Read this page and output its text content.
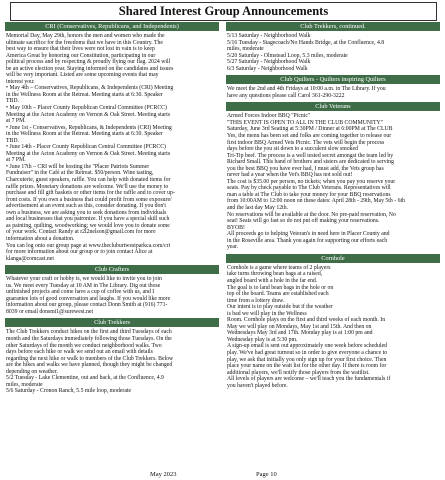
Shared Interest Group Announcements
CRI (Conservatives, Republicans, and Independents)

Memorial Day, May 29th, honors the men and women who made the

ultimate sacrifice for the freedoms that we have in this Country. The

best way to ensure that their lives were not lost in vain is to keep

America Great by honoring our Constitution, participating in our

political process and by respecting & proudly flying our flag. 2024 will

be an active election year. Staying informed on the candidates and issues

will be very important. Listed are some upcoming events that may

interest you:

• May 4th – Conservatives, Republicans, & Independents (CRI) Meeting

in the Wellness Room at the Retreat. Meeting starts at 6:30. Speaker

TBD.

• May 10th – Placer County Republican Central Committee (PCRCC)

Meeting at the Acton Academy on Vernon & Oak Street. Meeting starts

at 7 PM.

• June 1st - Conservatives, Republicans, & Independents (CRI) Meeting

in the Wellness Room at the Retreat. Meeting starts at 6:30. Speaker

TBD.

• June 14th - Placer County Republican Central Committee (PCRCC)

Meeting at the Acton Academy on Vernon & Oak Street. Meeting starts

at 7 PM.

• June 17th – CRI will be hosting the "Placer Patriots Summer

Fundraiser" in the Café at the Retreat. $50/person. Wine tasting,

Charcuterie, guest speakers, raffle. You can help with donated items for

raffle prizes. Monetary donations are welcome. We'll use the money to

purchase and fill gift baskets or other items for the raffle and to cover up-

front costs. If you own a business that could profit from some exposure/

advertisement at an event such as this, consider donating. If you don't

own a business, we are asking you to seek donations from individuals

and local businesses that you patronize. If you have a special skill such

as painting, quilting, woodworking; we would love you to donate some

of your work. Contact Randy at r2l2nelson@gmail.com for more

information about a donation.

You can log onto our group page at www.thecluburtwestparkca.com/cri

for more information about our group or to join contact Alice at

klanga@comcast.net

Club Crafters

Whatever your craft or hobby is, we would like to invite you to join

us. We meet every Tuesday at 10 AM in The Library. Dig out those

unfinished projects and come have a cup of coffee with us, and I

guarantee lots of good conversation and laughs. If you would like more

information about our group, please contact Donn Smith at (916) 771-

8039 or email donsmi1@surewest.net

Club Trekkers

The Club Trekkers conduct hikes on the first and third Tuesdays of each

month and the Saturdays immediately following those Tuesdays. On the

other Saturdays of the month we conduct neighborhood walks. Two

days before each hike or walk we send out an email with details

regarding the next hike or walk to members of the Club Trekkers. Below

are the hikes and walks we have planned, though they might be changed

depending on weather.

5/2 Tuesday - Lake Clementine, out and back, at the Confluence, 4.9

miles, moderate

5/6 Saturday - Cronon Ranch, 5.5 mile loop, moderate

Club Trekkers, continued.

5/13 Saturday - Neighborhood Walk

5/16 Tuesday - Stagecoach/No Hands Bridge, at the Confluence, 4.8

miles, moderate

5/20 Saturday - Olmstead Loop, 5.3 miles, moderate

5/27 Saturday - Neighborhood Walk

6/3 Saturday - Neighborhood Walk

Club Quilters - Quilters inspiring Quilters

We meet the 2nd and 4th Fridays at 10:00 a.m. in The Library. If you

have any questions please call Carol 361-290-3222

Club Veterans

Armed Forces Indoor BBQ "Picnic"

"THIS EVENT IS OPEN TO ALL IN THE CLUB COMMUNITY"

Saturday, June 3rd Seating at 5:30PM / Dinner at 6:00PM at The CLUB

Yes, the menu has been set and folks are coming together to release our

first indoor BBQ Armed Vets Picnic. The vets will begin the process

days before the you sit down to a succulent slow smoked

Tri-Tip beef. The process is a well tested secret amongst the team led by

Richard Small. This band of brothers and sisters are dedicated to serving

you the best BBQ you have ever had, I must add, the Vets group has

never had a year when the Vet's BBQ has not sold out!

The cost is $35.00 per person, no tickets; when you pay you reserve your

seats. Pay by check payable to The Club Veterans. Representatives will

man a table at The Club to take your money for your BBQ reservations

from 10:00AM to 12:00 noon on these dates: April 28th - 29th, May 5th - 6th

and the last day May 12th.

No reservations will be available at the door. No pre-paid reservation, No

seat! Seats will go fast so do not put off making your reservations.

BYOB!

All proceeds go to helping Veteran's in need here in Placer County and

in the Roseville area. Thank you again for supporting our efforts each

year.

Cornhole

Cornhole is a game where teams of 2 players

take turns throwing bean bags at a raised,

angled board with a hole in the far end.

The goal is to land bean bags in the hole or on

top of the board. Teams are established each

time from a lottery draw.

Our intent is to play outside but if the weather

is bad we will play in the Wellness

Room. Cornhole plays on the first and third weeks of each month. In

May we will play on Mondays, May 1st and 15th. And then on

Wednesdays May 3rd and 17th. Monday play is at 1:00 pm and

Wednesday play is at 5:30 pm.

A sign-up email is sent out approximately one week before scheduled

play. We've had great turnout so in order to give everyone a chance to

play, we ask that initially you only sign up for your first choice. Then

place your name on the wait list for the other day. If there is room for

additional players, we'll notify those players from the waitlist.

All levels of players are welcome – we'll teach you the fundamentals if

you haven't played before.

May 2023	Page 10
